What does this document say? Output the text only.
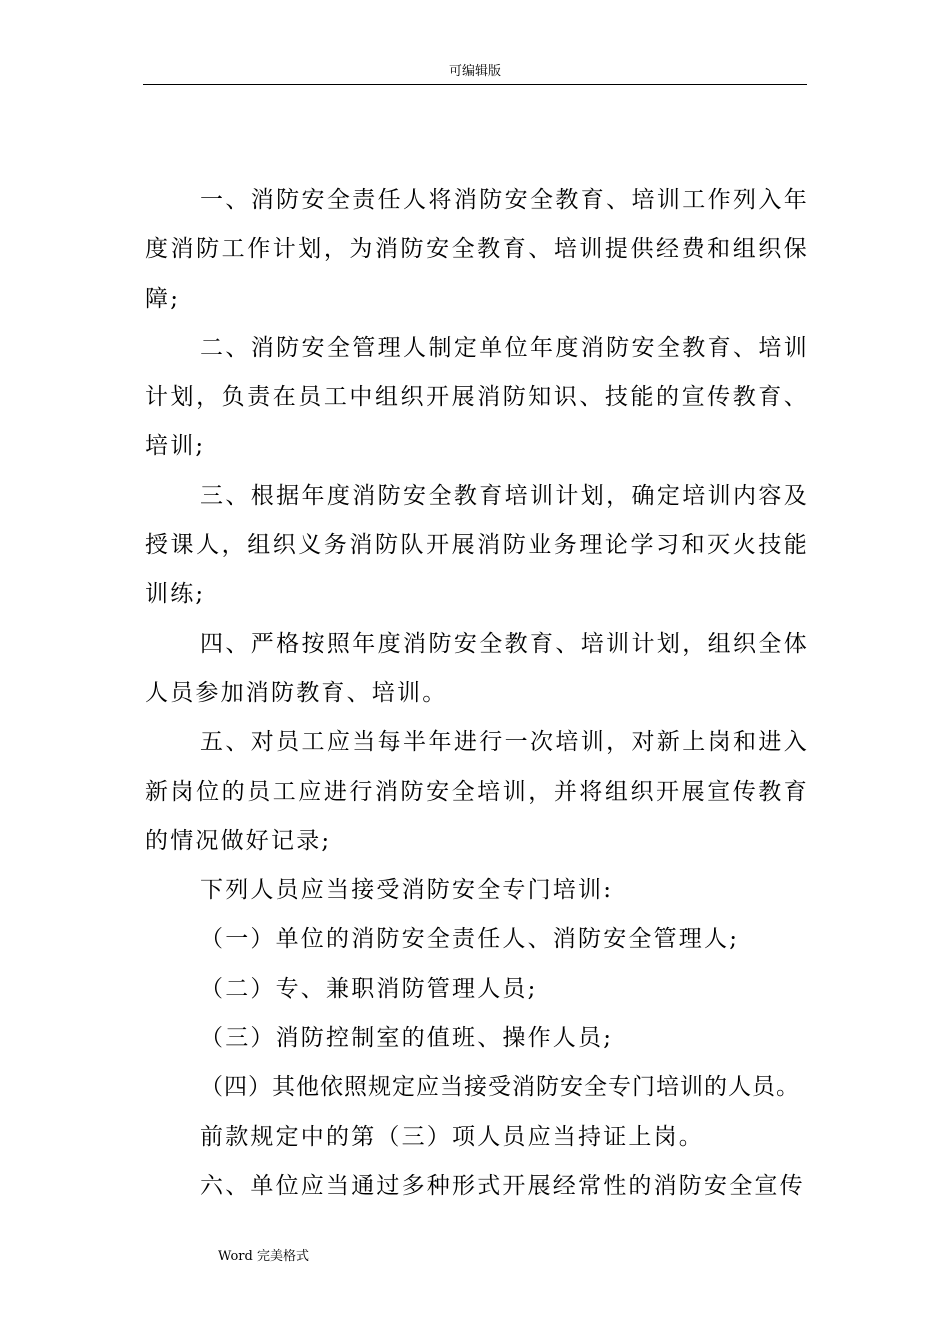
可编辑版

一、消防安全责任人将消防安全教育、培训工作列入年度消防工作计划，为消防安全教育、培训提供经费和组织保障;

二、消防安全管理人制定单位年度消防安全教育、培训计划，负责在员工中组织开展消防知识、技能的宣传教育、培训;

三、根据年度消防安全教育培训计划，确定培训内容及授课人，组织义务消防队开展消防业务理论学习和灭火技能训练;

四、严格按照年度消防安全教育、培训计划，组织全体人员参加消防教育、培训。

五、对员工应当每半年进行一次培训，对新上岗和进入新岗位的员工应进行消防安全培训，并将组织开展宣传教育的情况做好记录;

下列人员应当接受消防安全专门培训:

（一）单位的消防安全责任人、消防安全管理人;

（二）专、兼职消防管理人员;

（三）消防控制室的值班、操作人员;

（四）其他依照规定应当接受消防安全专门培训的人员。

前款规定中的第（三）项人员应当持证上岗。

六、单位应当通过多种形式开展经常性的消防安全宣传

Word 完美格式
